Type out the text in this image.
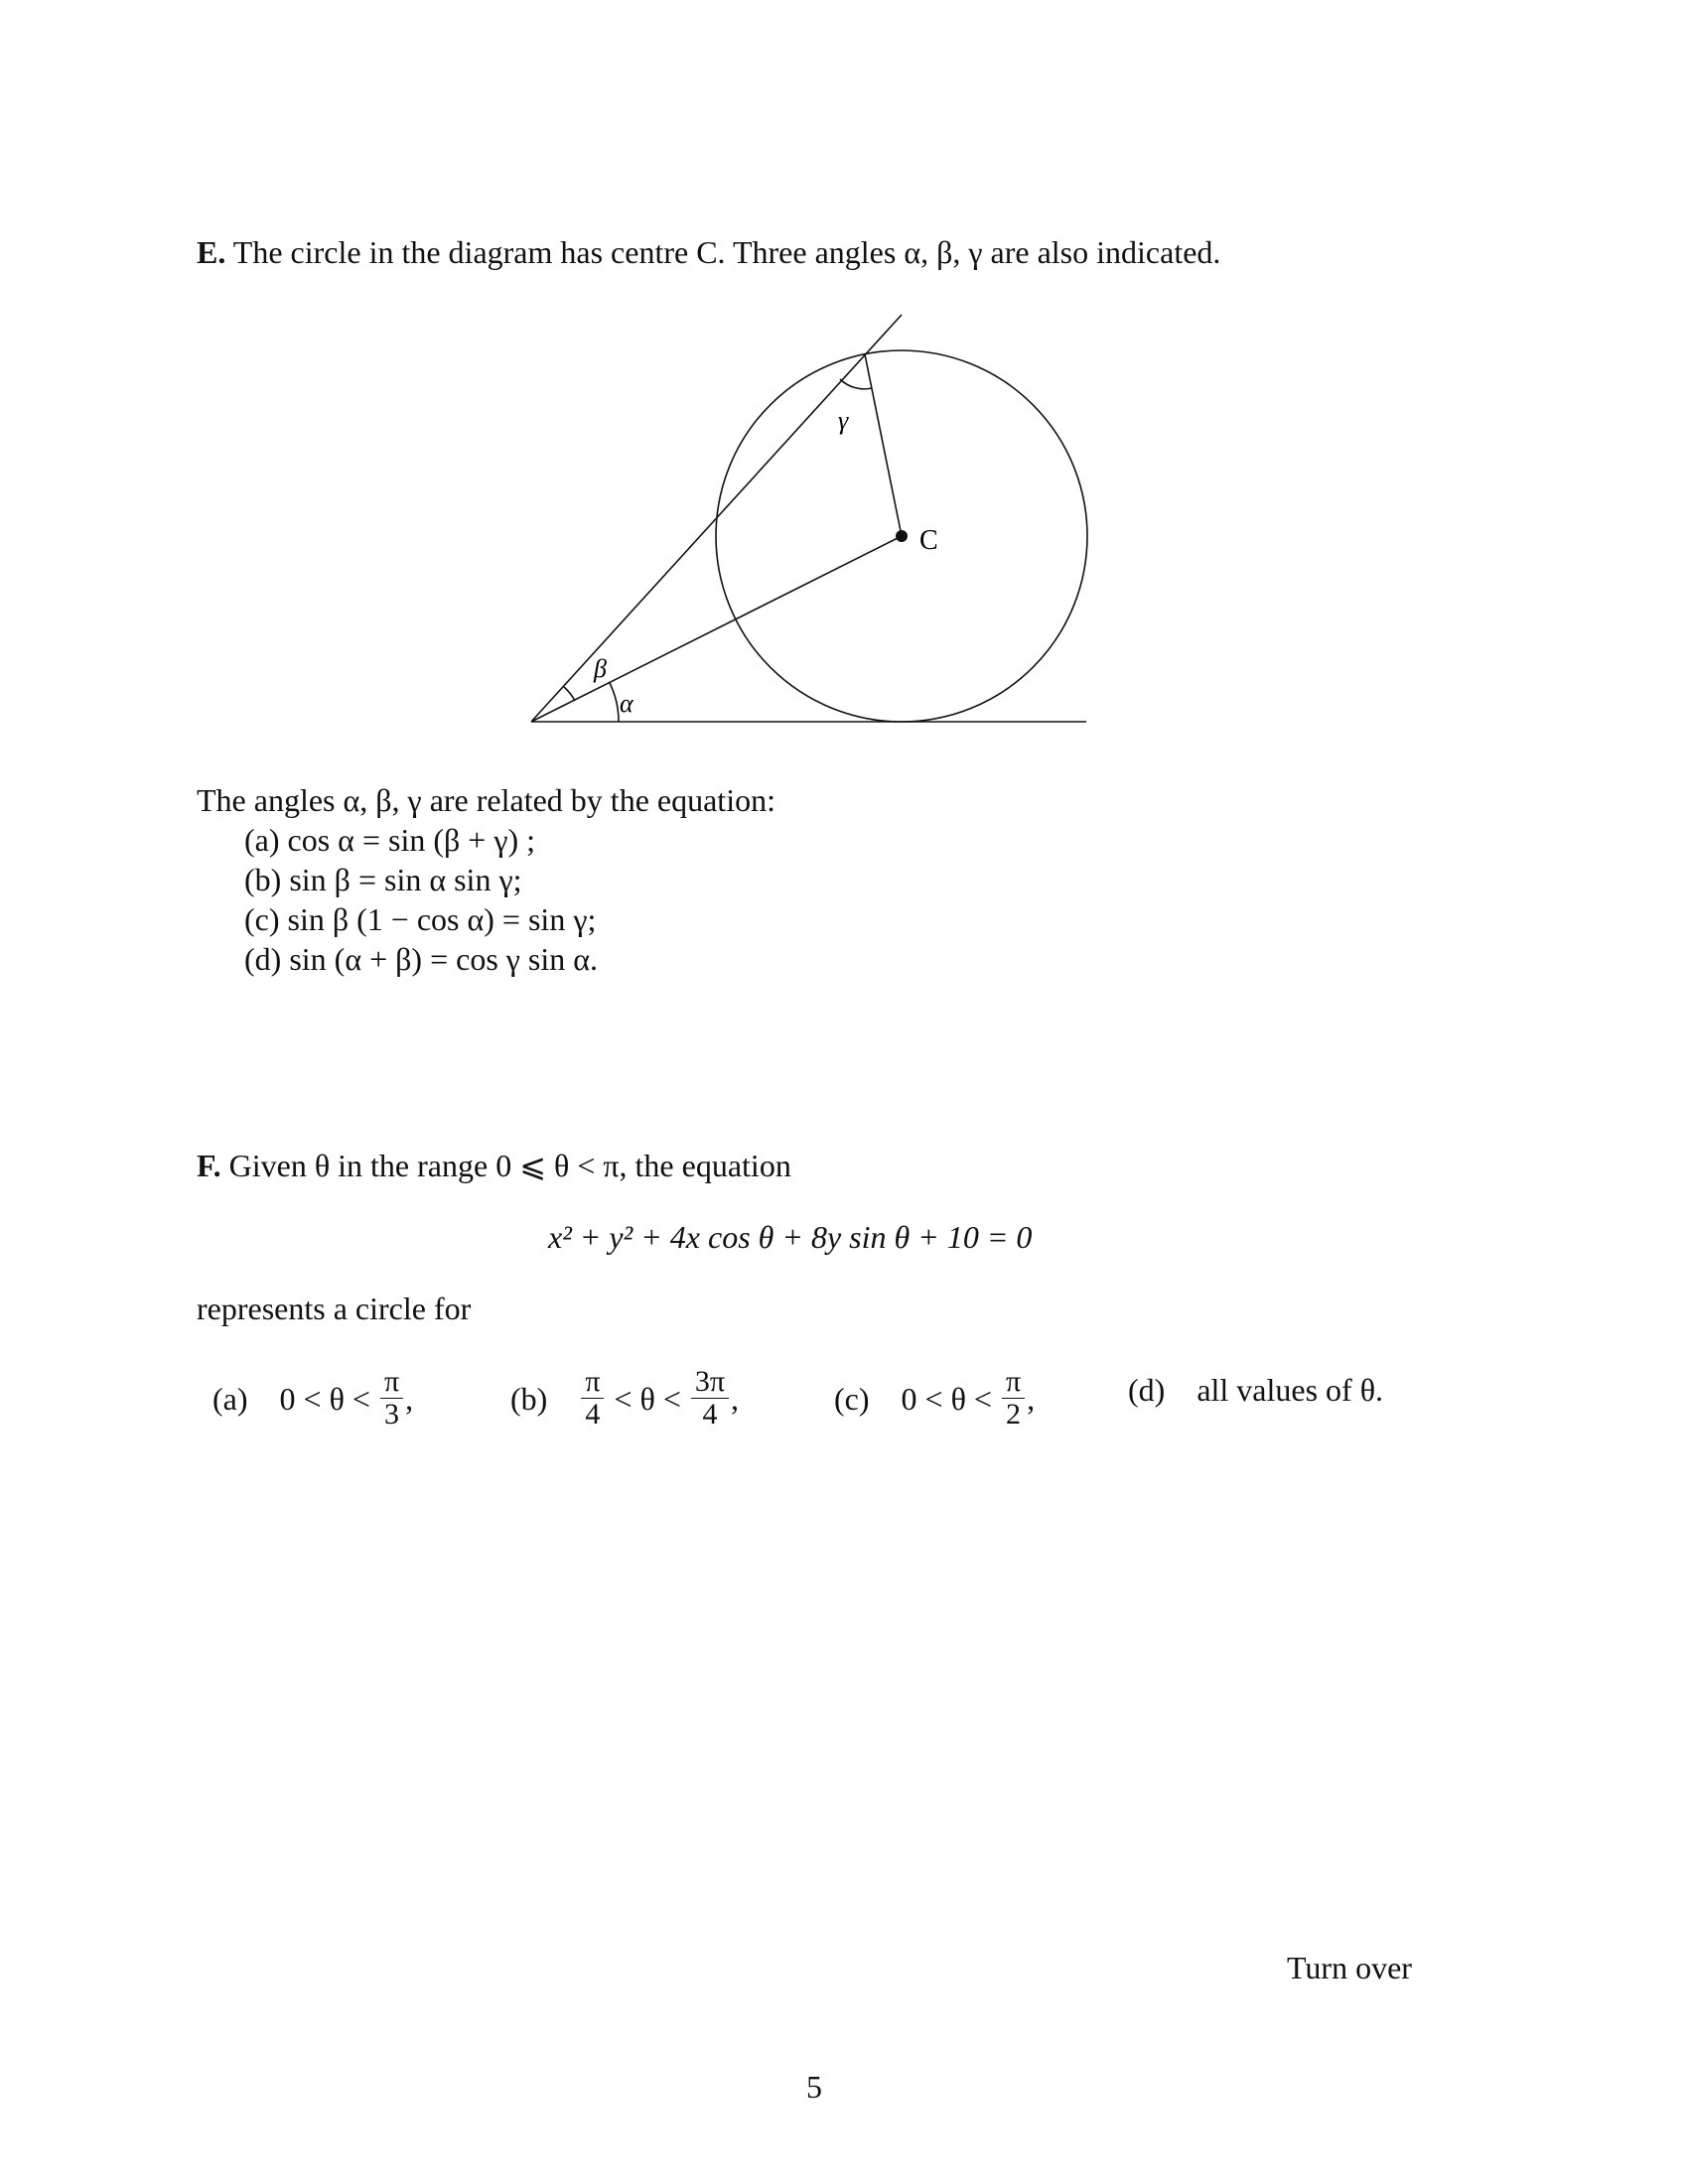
E. The circle in the diagram has centre C. Three angles α, β, γ are also indicated.
C
α
β
γ
The angles α, β, γ are related by the equation:
(a) cos α = sin (β + γ) ;
(b) sin β = sin α sin γ;
(c) sin β (1 − cos α) = sin γ;
(d) sin (α + β) = cos γ sin α.
F. Given θ in the range 0 ⩽ θ < π, the equation
x² + y² + 4x cos θ + 8y sin θ + 10 = 0
represents a circle for
(a) $0 < \theta < \frac{\pi}{3}$ ,	$(b) \frac{\pi}{4} < \theta < \frac{3\pi}{4}$ ,	(c) $0 < \theta < \frac{\pi}{2}$ ,	(d) all values of θ.
Turn over
5
